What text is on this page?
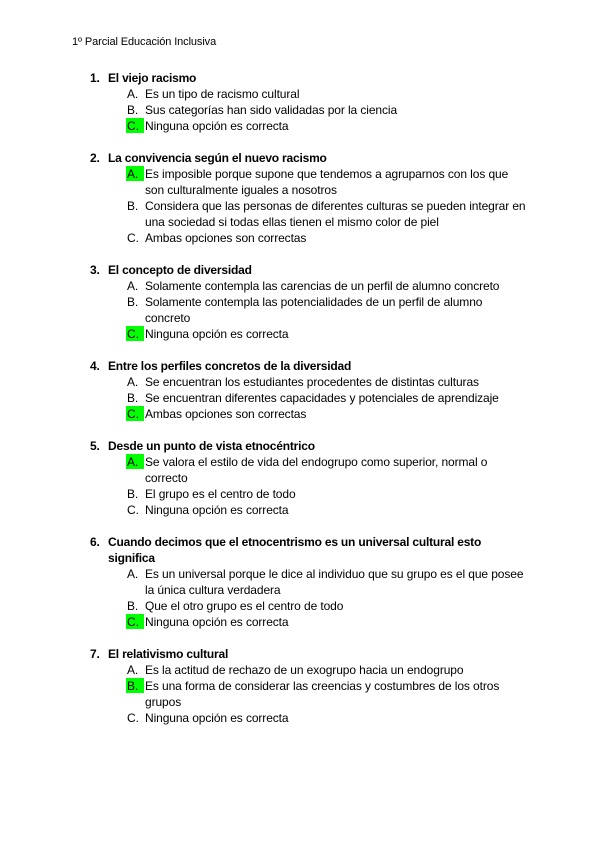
1º Parcial Educación Inclusiva
1. El viejo racismo
A. Es un tipo de racismo cultural
B. Sus categorías han sido validadas por la ciencia
C. Ninguna opción es correcta
2. La convivencia según el nuevo racismo
A. Es imposible porque supone que tendemos a agruparnos con los que son culturalmente iguales a nosotros
B. Considera que las personas de diferentes culturas se pueden integrar en una sociedad si todas ellas tienen el mismo color de piel
C. Ambas opciones son correctas
3. El concepto de diversidad
A. Solamente contempla las carencias de un perfil de alumno concreto
B. Solamente contempla las potencialidades de un perfil de alumno concreto
C. Ninguna opción es correcta
4. Entre los perfiles concretos de la diversidad
A. Se encuentran los estudiantes procedentes de distintas culturas
B. Se encuentran diferentes capacidades y potenciales de aprendizaje
C. Ambas opciones son correctas
5. Desde un punto de vista etnocéntrico
A. Se valora el estilo de vida del endogrupo como superior, normal o correcto
B. El grupo es el centro de todo
C. Ninguna opción es correcta
6. Cuando decimos que el etnocentrismo es un universal cultural esto significa
A. Es un universal porque le dice al individuo que su grupo es el que posee la única cultura verdadera
B. Que el otro grupo es el centro de todo
C. Ninguna opción es correcta
7. El relativismo cultural
A. Es la actitud de rechazo de un exogrupo hacia un endogrupo
B. Es una forma de considerar las creencias y costumbres de los otros grupos
C. Ninguna opción es correcta
